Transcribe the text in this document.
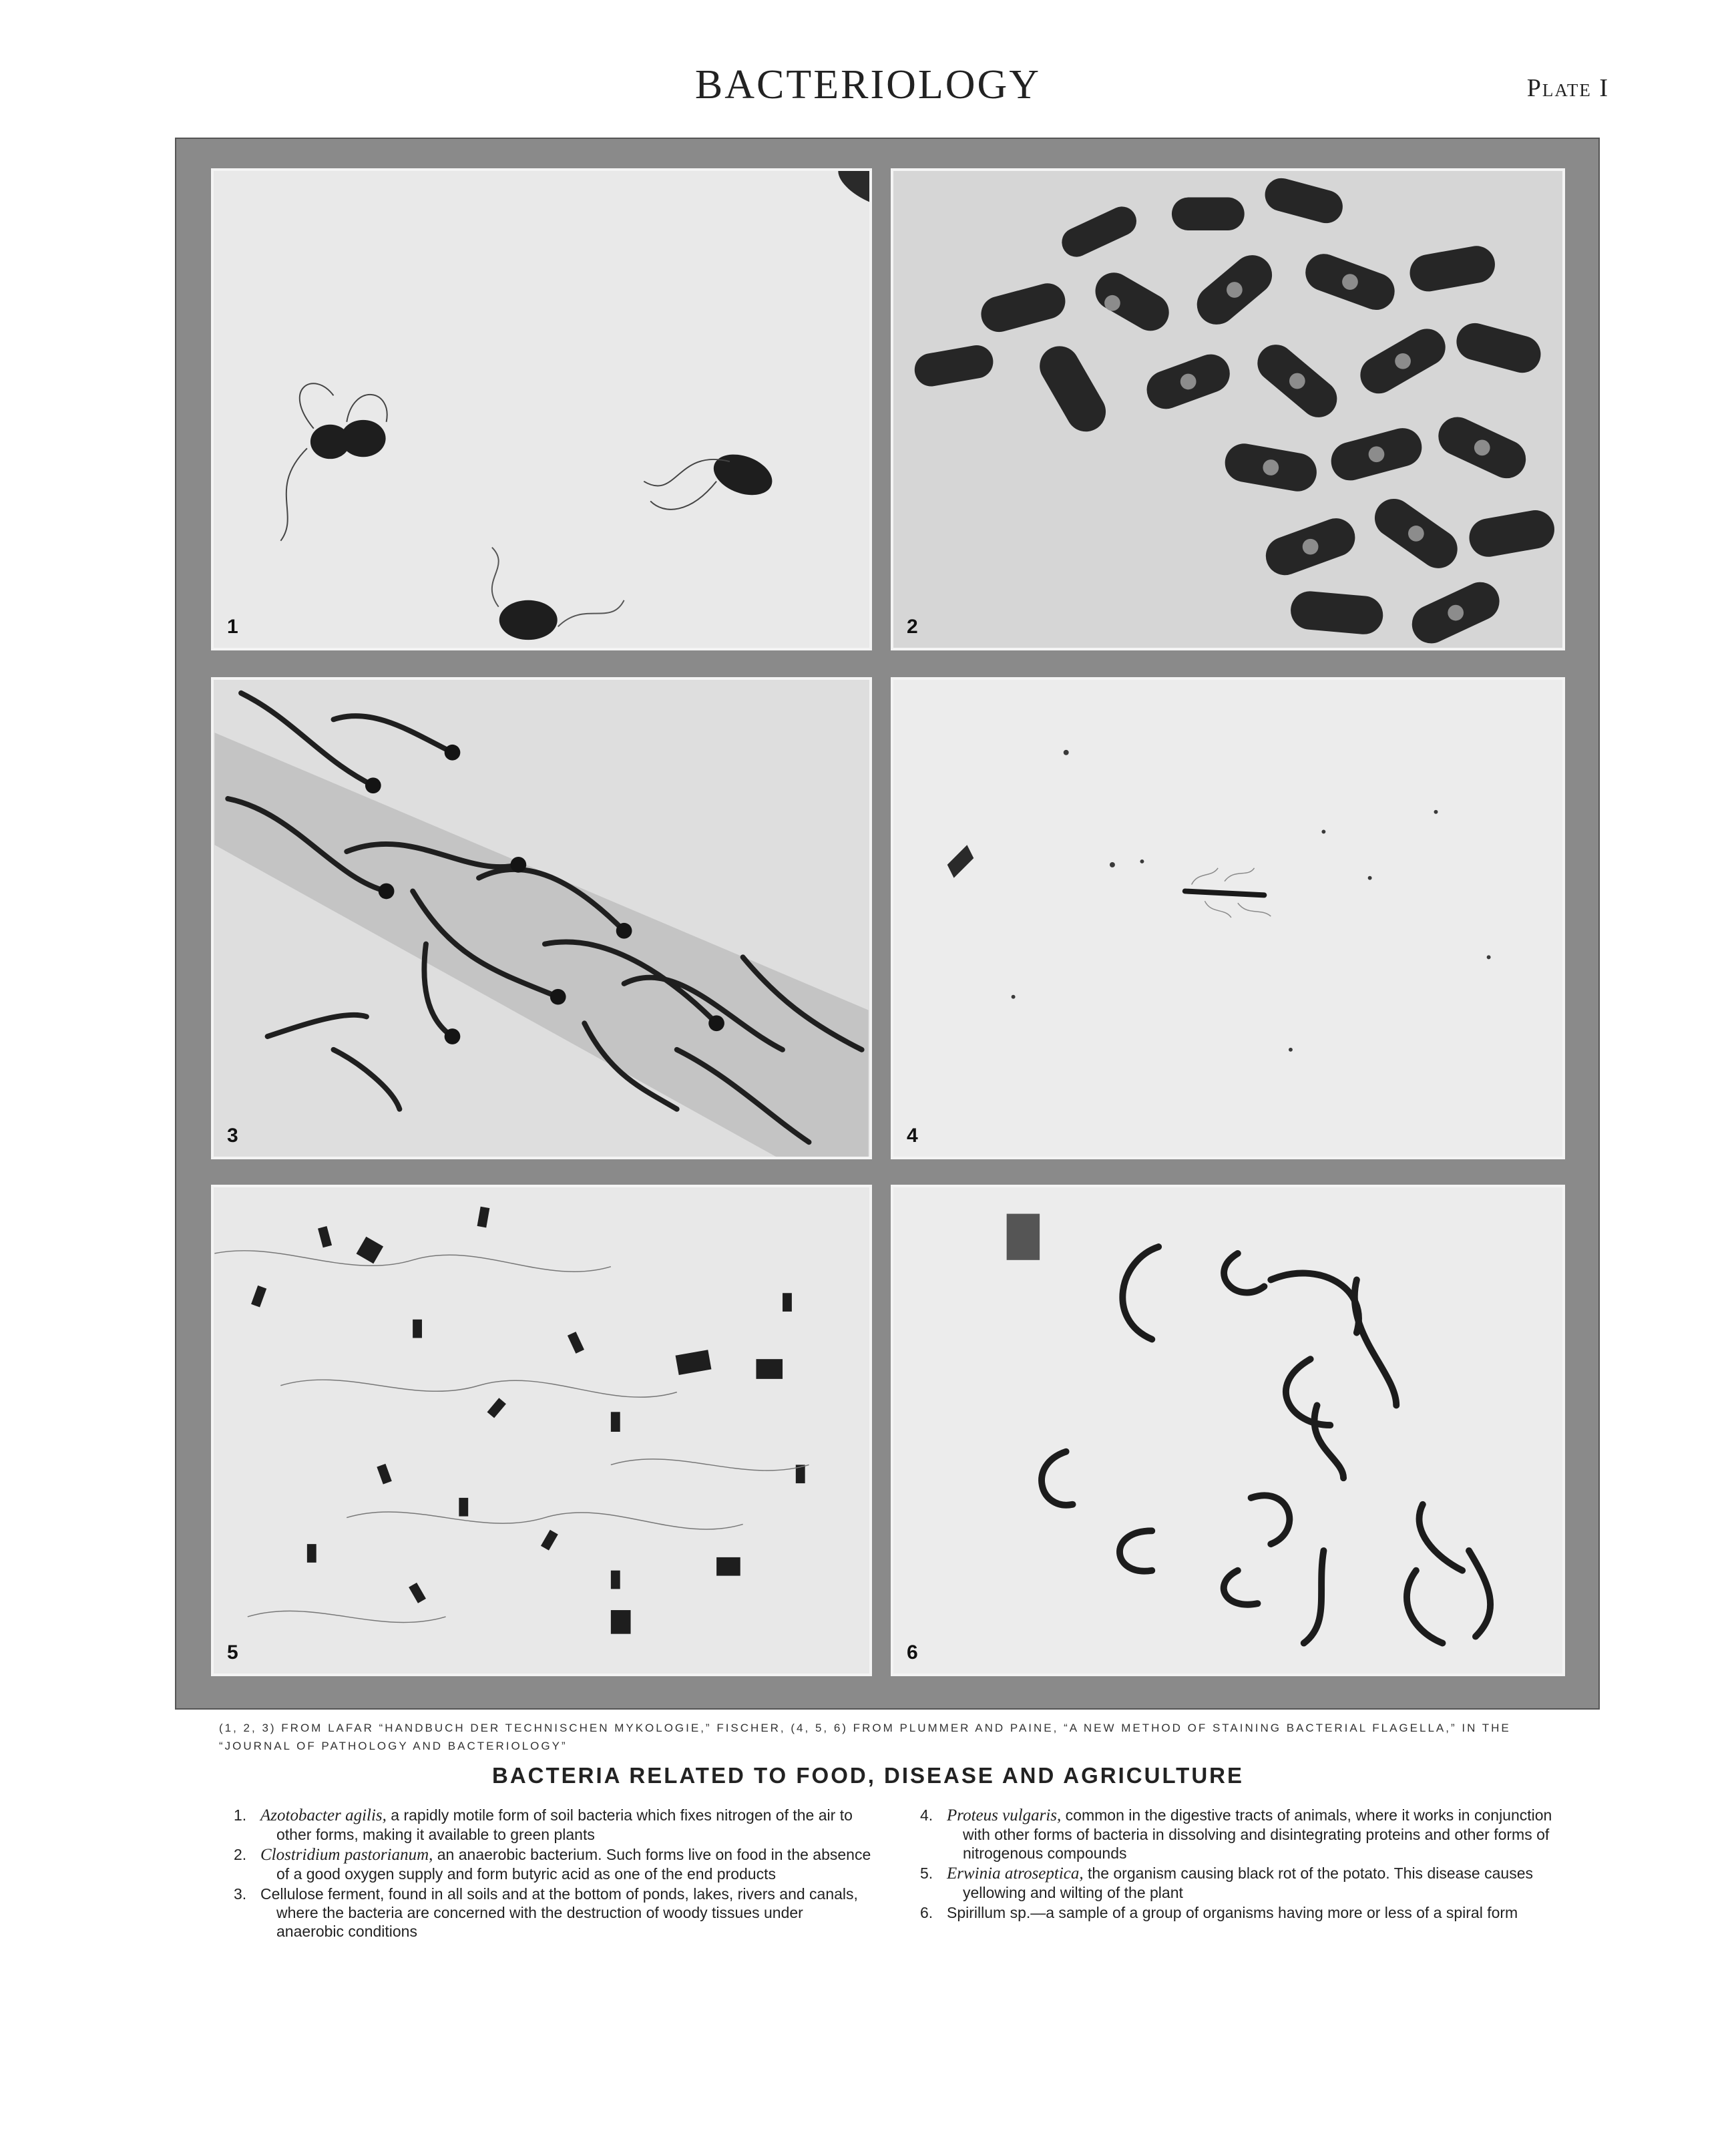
BACTERIOLOGY	Plate I
1	2
3	4
5	6
(1, 2, 3) FROM LAFAR “HANDBUCH DER TECHNISCHEN MYKOLOGIE,” FISCHER, (4, 5, 6) FROM PLUMMER AND PAINE, “A NEW METHOD OF STAINING BACTERIAL FLAGELLA,” IN THE “JOURNAL OF PATHOLOGY AND BACTERIOLOGY”
BACTERIA RELATED TO FOOD, DISEASE AND AGRICULTURE
1. Azotobacter agilis, a rapidly motile form of soil bacteria which fixes nitrogen of the air to other forms, making it available to green plants
2. Clostridium pastorianum, an anaerobic bacterium. Such forms live on food in the absence of a good oxygen supply and form butyric acid as one of the end products
3. Cellulose ferment, found in all soils and at the bottom of ponds, lakes, rivers and canals, where the bacteria are concerned with the destruction of woody tissues under anaerobic conditions
4. Proteus vulgaris, common in the digestive tracts of animals, where it works in conjunction with other forms of bacteria in dissolving and disintegrating proteins and other forms of nitrogenous compounds
5. Erwinia atroseptica, the organism causing black rot of the potato. This disease causes yellowing and wilting of the plant
6. Spirillum sp.—a sample of a group of organisms having more or less of a spiral form
